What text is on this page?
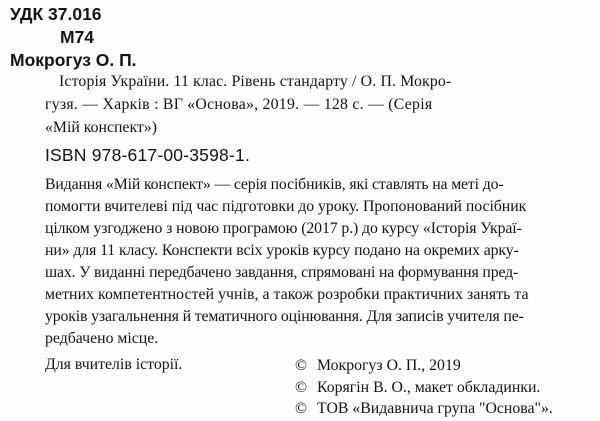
УДК 37.016
М74
Мокрогуз О. П.
Історія України. 11 клас. Рівень стандарту / О. П. Мокро-
гузя. — Харків : ВГ «Основа», 2019. — 128 с. — (Серія
«Мій конспект»)
ISBN 978-617-00-3598-1.
Видання «Мій конспект» — серія посібників, які ставлять на меті до-
помогти вчителеві під час підготовки до уроку. Пропонований посібник
цілком узгоджено з новою програмою (2017 р.) до курсу «Історія Украї-
ни» для 11 класу. Конспекти всіх уроків курсу подано на окремих арку-
шах. У виданні передбачено завдання, спрямовані на формування пред-
метних компетентностей учнів, а також розробки практичних занять та
уроків узагальнення й тематичного оцінювання. Для записів учителя пе-
редбачено місце.
Для вчителів історії.	© Мокрогуз О. П., 2019
© Корягін В. О., макет обкладинки.
© ТОВ «Видавнича група "Основа"».
